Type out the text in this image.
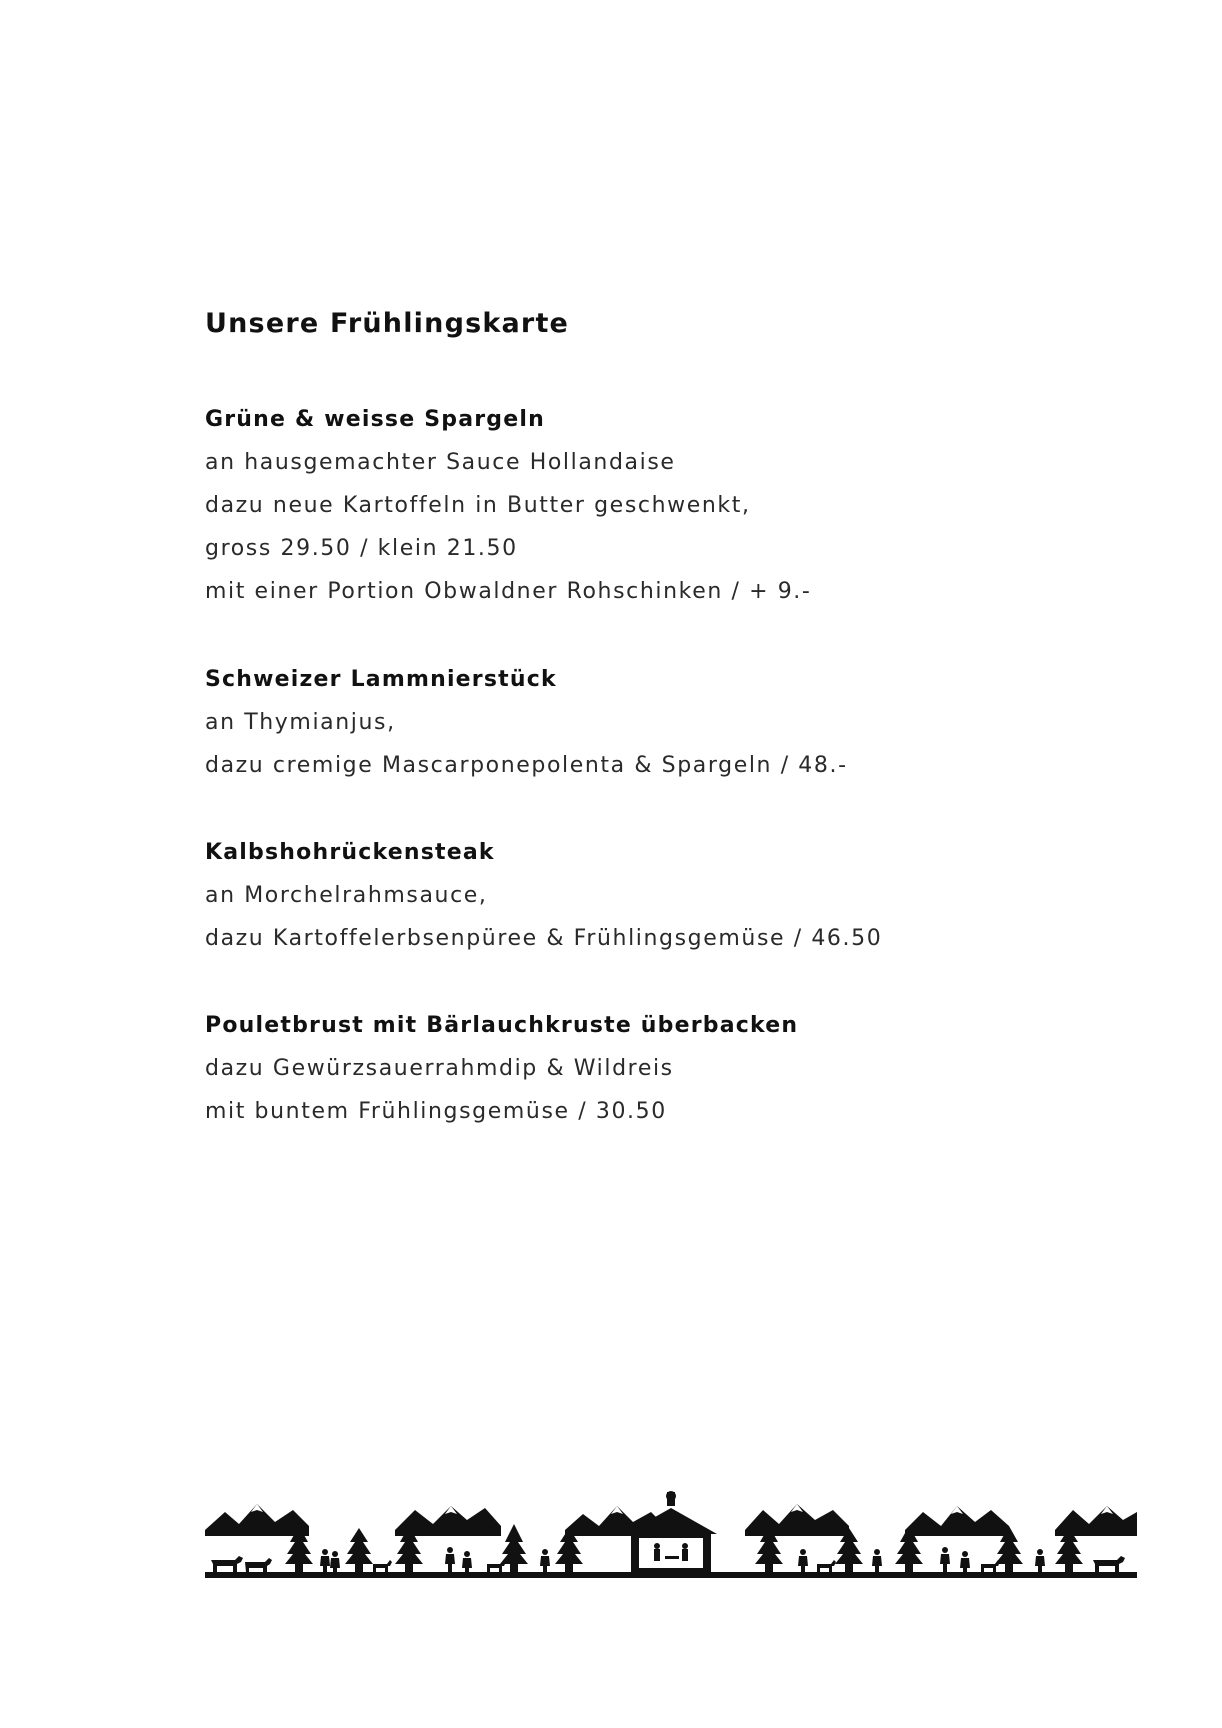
Unsere Frühlingskarte
Grüne & weisse Spargeln
an hausgemachter Sauce Hollandaise
dazu neue Kartoffeln in Butter geschwenkt,
gross 29.50 / klein 21.50
mit einer Portion Obwaldner Rohschinken / + 9.-
Schweizer Lammnierstück
an Thymianjus,
dazu cremige Mascarponepolenta & Spargeln / 48.-
Kalbshohrückensteak
an Morchelrahmsauce,
dazu Kartoffelerbsenpüree & Frühlingsgemüse / 46.50
Pouletbrust mit Bärlauchkruste überbacken
dazu Gewürzsauerrahmdip & Wildreis
mit buntem Frühlingsgemüse / 30.50
